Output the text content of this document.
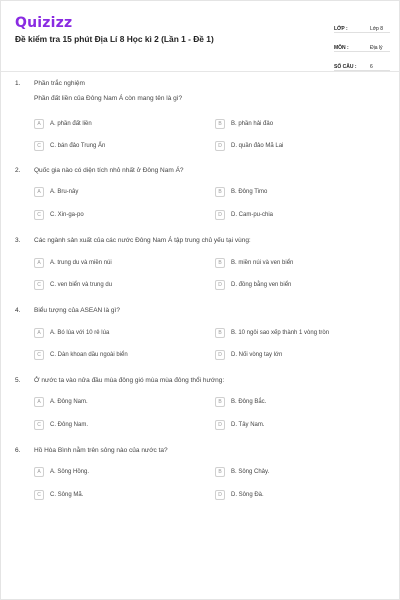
Quizizz
Đề kiểm tra 15 phút Địa Lí 8 Học kì 2 (Lần 1 - Đề 1)
LỚP :	Lớp 8
MÔN :	Địa lý
SỐ CÂU :	6
1. Phần trắc nghiệm
Phần đất liền của Đông Nam Á còn mang tên là gì?
A	A. phần đất liền	B	B. phần hải đảo
C	C. bán đảo Trung Ấn	D	D. quần đảo Mã Lai
2. Quốc gia nào có diện tích nhỏ nhất ở Đông Nam Á?
A	A. Bru-nây	B	B. Đông Timo
C	C. Xin-ga-po	D	D. Cam-pu-chia
3. Các ngành sản xuất của các nước Đông Nam Á tập trung chủ yếu tại vùng:
A	A. trung du và miền núi	B	B. miền núi và ven biển
C	C. ven biển và trung du	D	D. đồng bằng ven biển
4. Biểu tượng của ASEAN là gì?
A	A. Bó lúa với 10 rẻ lúa	B	B. 10 ngôi sao xếp thành 1 vòng tròn
C	C. Dàn khoan dầu ngoài biển	D	D. Nối vòng tay lớn
5. Ở nước ta vào nửa đầu mùa đông gió mùa mùa đông thổi hướng:
A	A. Đông Nam.	B	B. Đông Bắc.
C	C. Đông Nam.	D	D. Tây Nam.
6. Hồ Hòa Bình nằm trên sông nào của nước ta?
A	A. Sông Hồng.	B	B. Sông Chảy.
C	C. Sông Mã.	D	D. Sông Đà.
